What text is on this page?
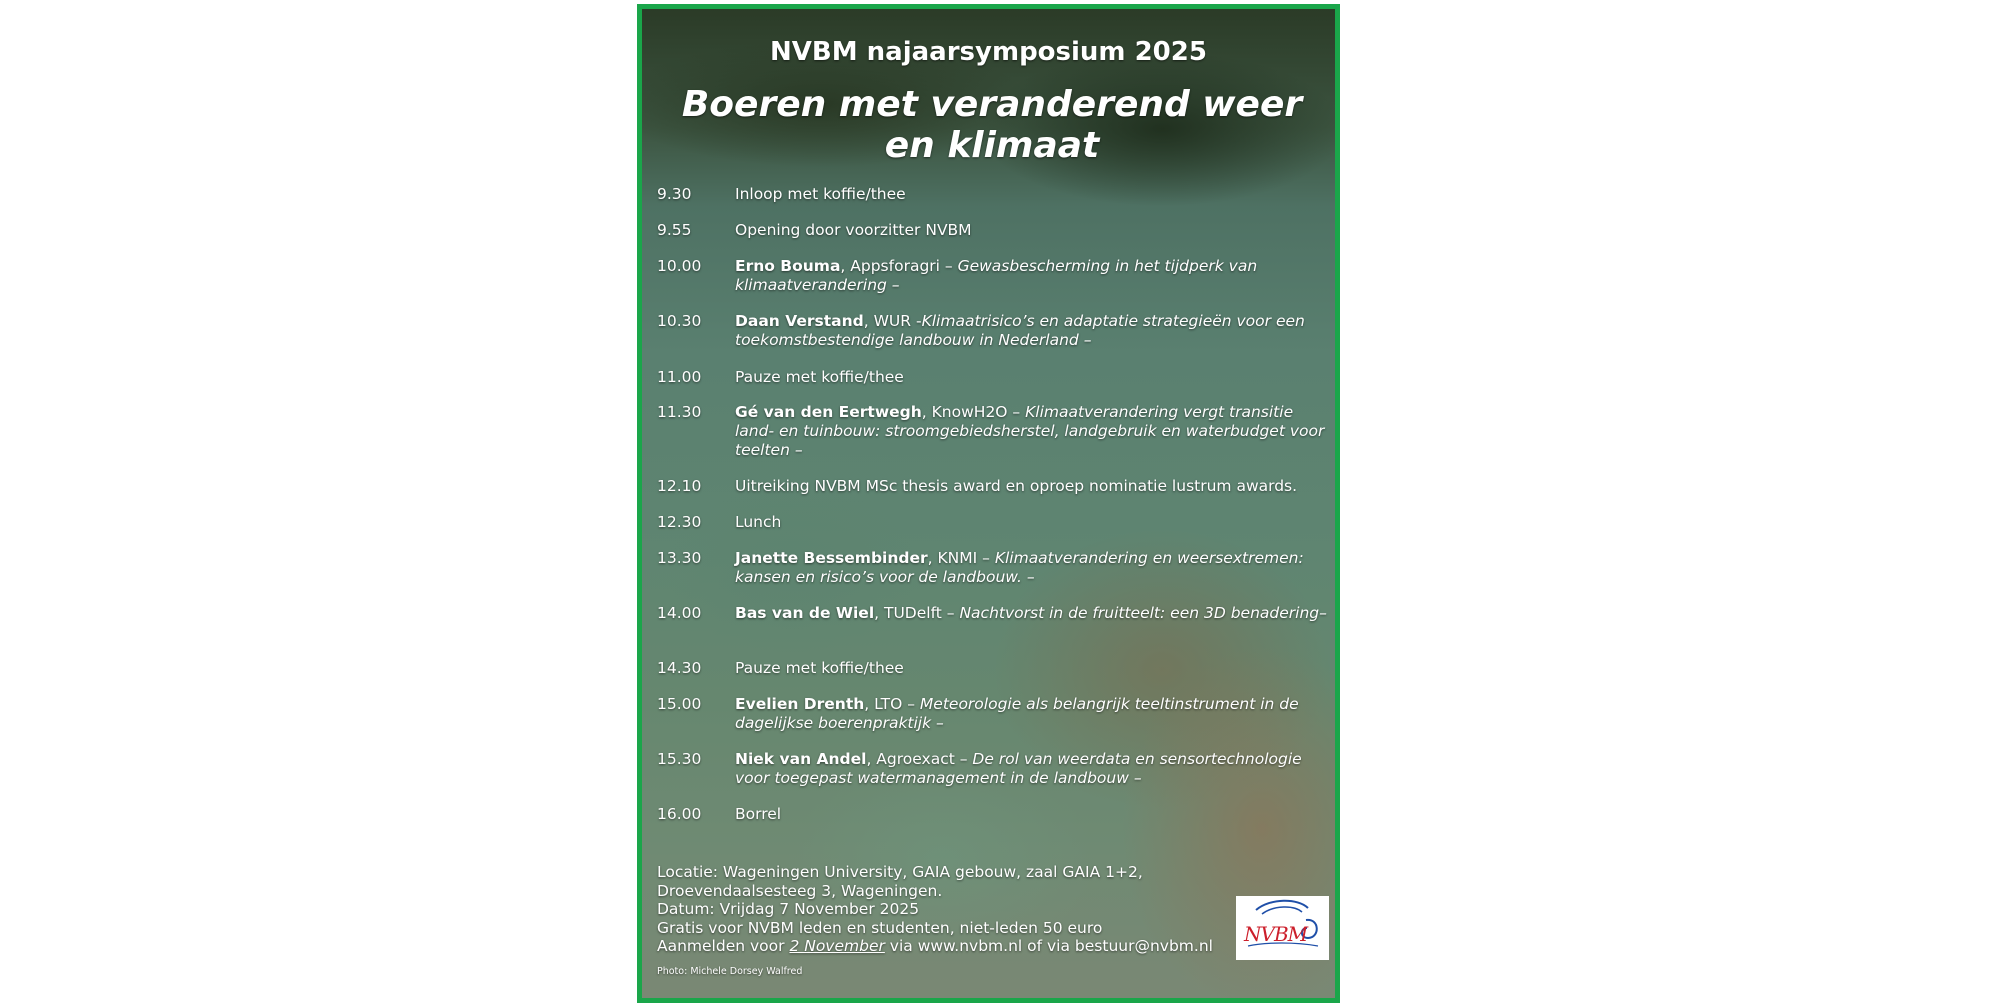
NVBM najaarsymposium 2025
Boeren met veranderend weer en klimaat
9.30	Inloop met koffie/thee
9.55	Opening door voorzitter NVBM
10.00	Erno Bouma, Appsforagri – Gewasbescherming in het tijdperk van klimaatverandering –
10.30	Daan Verstand, WUR -Klimaatrisico’s en adaptatie strategieën voor een toekomstbestendige landbouw in Nederland –
11.00	Pauze met koffie/thee
11.30	Gé van den Eertwegh, KnowH2O – Klimaatverandering vergt transitie land- en tuinbouw: stroomgebiedsherstel, landgebruik en waterbudget voor teelten –
12.10	Uitreiking NVBM MSc thesis award en oproep nominatie lustrum awards.
12.30	Lunch
13.30	Janette Bessembinder, KNMI – Klimaatverandering en weersextremen: kansen en risico’s voor de landbouw. –
14.00	Bas van de Wiel, TUDelft – Nachtvorst in de fruitteelt: een 3D benadering–
14.30	Pauze met koffie/thee
15.00	Evelien Drenth, LTO – Meteorologie als belangrijk teeltinstrument in de dagelijkse boerenpraktijk –
15.30	Niek van Andel, Agroexact – De rol van weerdata en sensortechnologie voor toegepast watermanagement in de landbouw –
16.00	Borrel
Locatie: Wageningen University, GAIA gebouw, zaal GAIA 1+2, Droevendaalsesteeg 3, Wageningen.
Datum: Vrijdag 7 November 2025
Gratis voor NVBM leden en studenten, niet-leden 50 euro
Aanmelden voor 2 November via www.nvbm.nl of via bestuur@nvbm.nl
Photo: Michele Dorsey Walfred
NVBM
